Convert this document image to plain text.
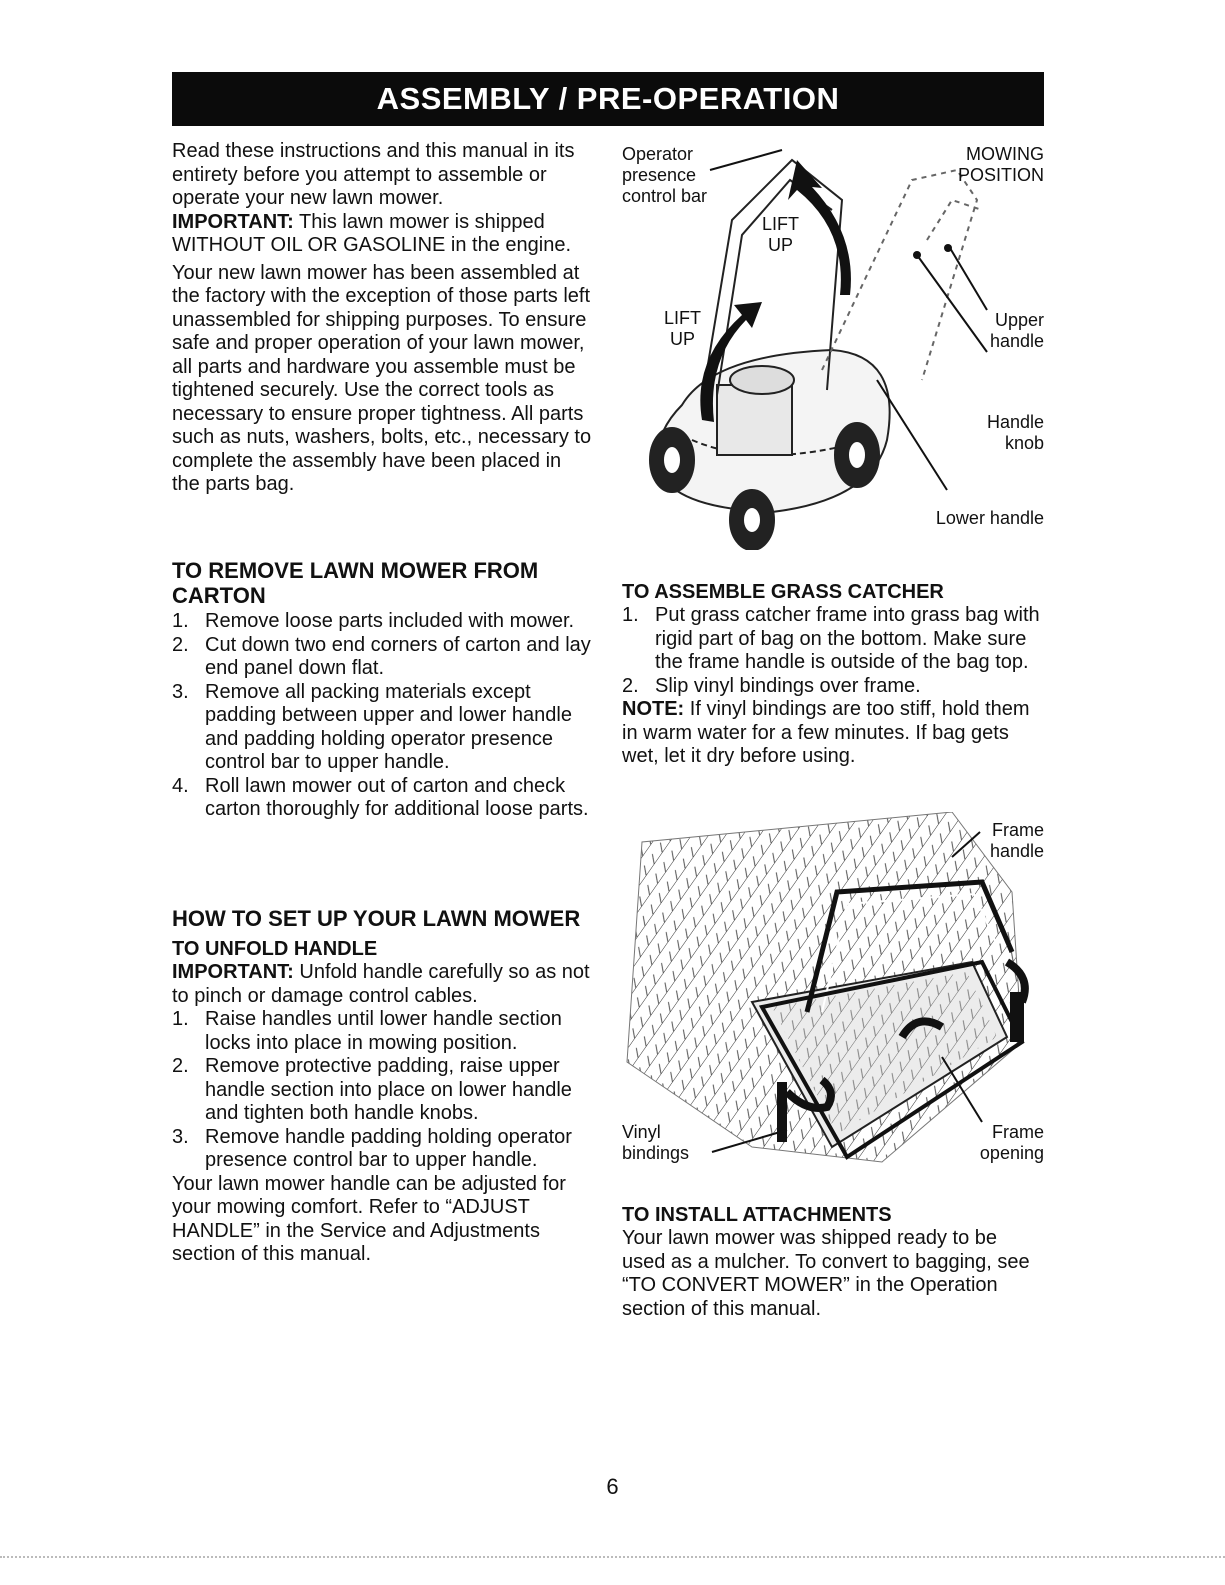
ASSEMBLY / PRE-OPERATION

Read these instructions and this manual in its entirety before you attempt to assemble or operate your new lawn mower.

IMPORTANT: This lawn mower is shipped WITHOUT OIL OR GASOLINE in the engine.

Your new lawn mower has been assembled at the factory with the exception of those parts left unassembled for shipping purposes. To ensure safe and proper operation of your lawn mower, all parts and hardware you assemble must be tightened securely. Use the correct tools as necessary to ensure proper tightness. All parts such as nuts, washers, bolts, etc., necessary to complete the assembly have been placed in the parts bag.

TO REMOVE LAWN MOWER FROM CARTON

1. Remove loose parts included with mower.
2. Cut down two end corners of carton and lay end panel down flat.
3. Remove all packing materials except padding between upper and lower handle and padding holding operator presence control bar to upper handle.
4. Roll lawn mower out of carton and check carton thoroughly for additional loose parts.

HOW TO SET UP YOUR LAWN MOWER

TO UNFOLD HANDLE

IMPORTANT: Unfold handle carefully so as not to pinch or damage control cables.

1. Raise handles until lower handle section locks into place in mowing position.
2. Remove protective padding, raise upper handle section into place on lower handle and tighten both handle knobs.
3. Remove handle padding holding operator presence control bar to upper handle.

Your lawn mower handle can be adjusted for your mowing comfort. Refer to “ADJUST HANDLE” in the Service and Adjustments section of this manual.

Operator
presence
control bar
MOWING
POSITION
LIFT
UP
LIFT
UP
Upper
handle
Handle
knob
Lower handle

TO ASSEMBLE GRASS CATCHER

1. Put grass catcher frame into grass bag with rigid part of bag on the bottom. Make sure the frame handle is outside of the bag top.
2. Slip vinyl bindings over frame.

NOTE: If vinyl bindings are too stiff, hold them in warm water for a few minutes. If bag gets wet, let it dry before using.

Frame
handle
Vinyl
bindings
Frame
opening

TO INSTALL ATTACHMENTS

Your lawn mower was shipped ready to be used as a mulcher. To convert to bagging, see “TO CONVERT MOWER” in the Operation section of this manual.

6
